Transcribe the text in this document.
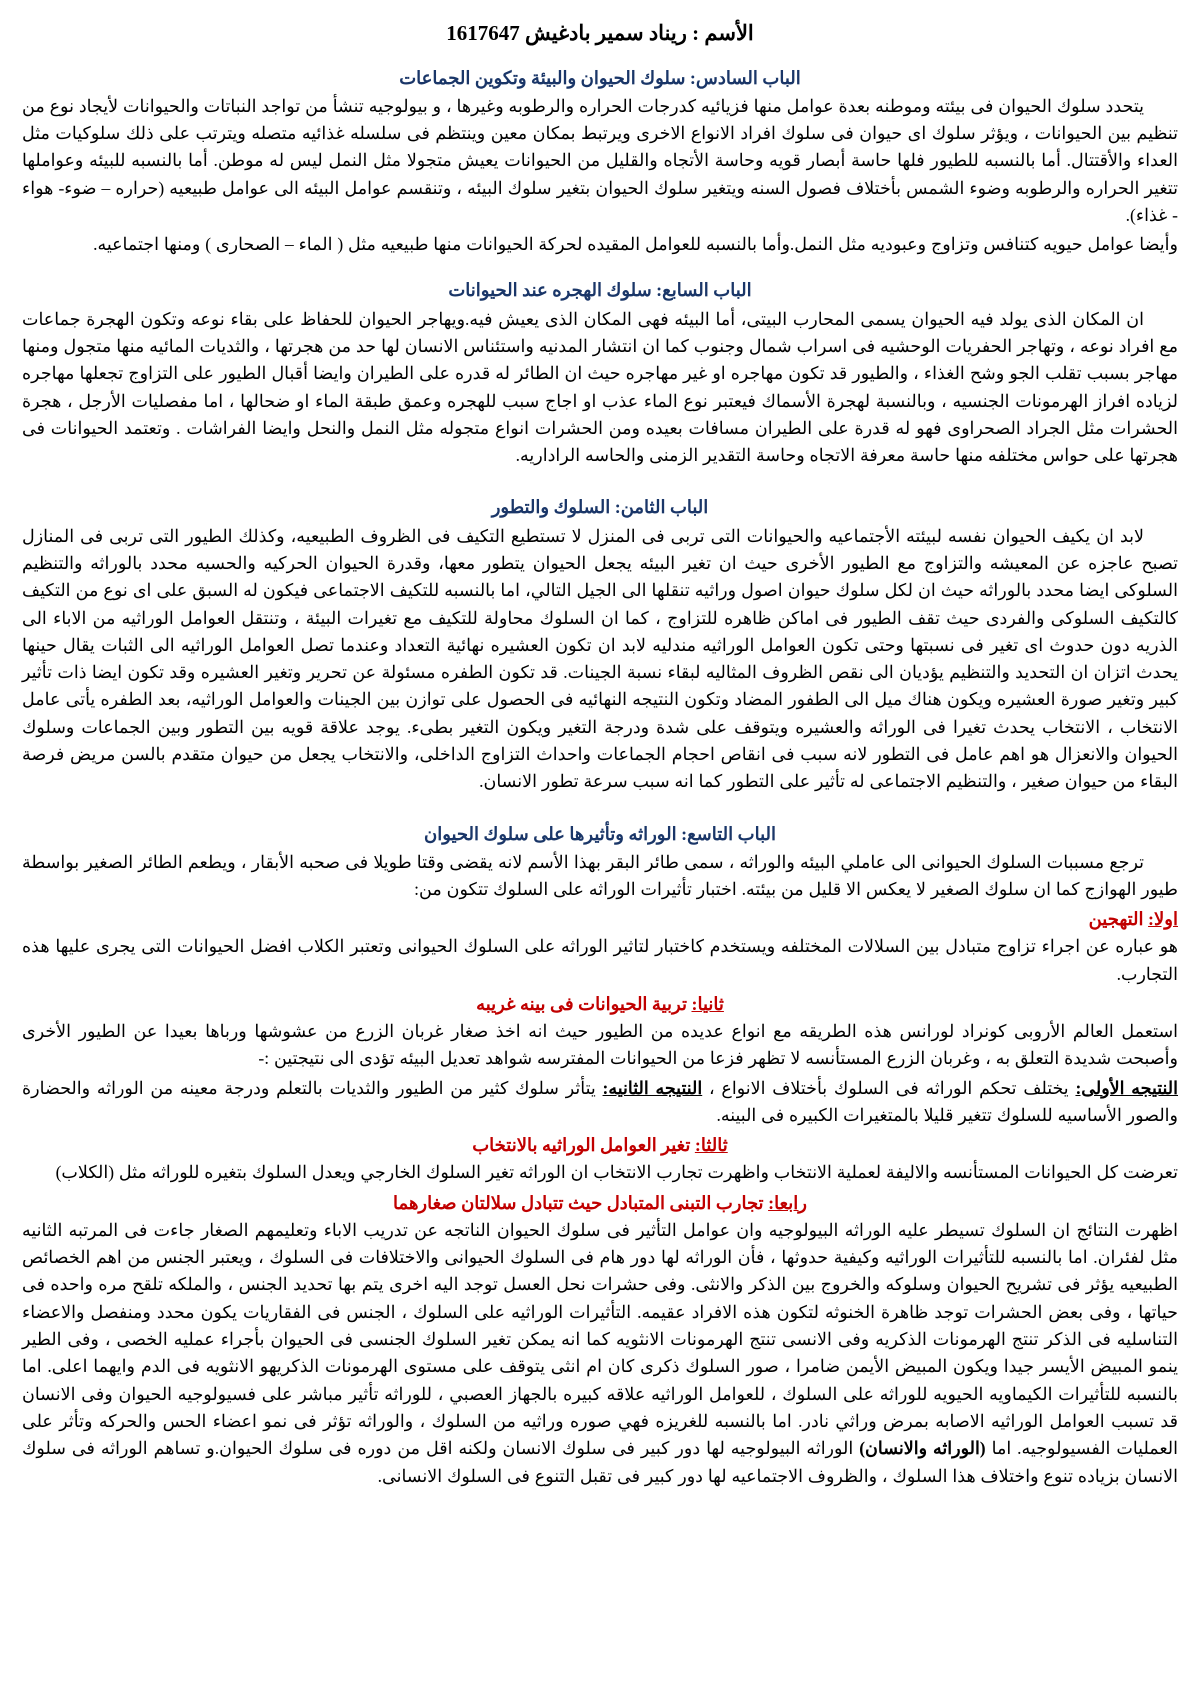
الأسم : ريناد سمير بادغيش 1617647
الباب السادس: سلوك الحيوان والبيئة وتكوين الجماعات

يتحدد سلوك الحيوان فى بيئته وموطنه بعدة عوامل منها فزيائيه كدرجات الحراره والرطوبه وغيرها ، و بيولوجيه تنشأ من تواجد النباتات والحيوانات لأيجاد نوع من تنظيم بين الحيوانات ، ويؤثر سلوك اى حيوان فى سلوك افراد الانواع الاخرى ويرتبط بمكان معين وينتظم فى سلسله غذائيه متصله ويترتب على ذلك سلوكيات مثل العداء والأقتتال. أما بالنسبه للطيور فلها حاسة أبصار قويه وحاسة الأتجاه والقليل من الحيوانات يعيش متجولا مثل النمل ليس له موطن. أما بالنسبه للبيئه وعواملها تتغير الحراره والرطوبه وضوء الشمس بأختلاف فصول السنه ويتغير سلوك الحيوان بتغير سلوك البيئه ، وتنقسم عوامل البيئه الى عوامل طبيعيه (حراره – ضوء- هواء - غذاء).

وأيضا عوامل حيويه كتنافس وتزاوج وعبوديه مثل النمل.وأما بالنسبه للعوامل المقيده لحركة الحيوانات منها طبيعيه مثل ( الماء – الصحارى ) ومنها اجتماعيه.

الباب السابع: سلوك الهجره عند الحيوانات

ان المكان الذى يولد فيه الحيوان يسمى المحارب البيتى، أما البيئه فهى المكان الذى يعيش فيه.ويهاجر الحيوان للحفاظ على بقاء نوعه وتكون الهجرة جماعات مع افراد نوعه ، وتهاجر الحفريات الوحشيه فى اسراب شمال وجنوب كما ان انتشار المدنيه واستئناس الانسان لها حد من هجرتها ، والثديات المائيه منها متجول ومنها مهاجر بسبب تقلب الجو وشح الغذاء ، والطيور قد تكون مهاجره او غير مهاجره حيث ان الطائر له قدره على الطيران وايضا أقبال الطيور على التزاوج تجعلها مهاجره لزياده افراز الهرمونات الجنسيه ، وبالنسبة لهجرة الأسماك فيعتبر نوع الماء عذب او اجاج سبب للهجره وعمق طبقة الماء او ضحالها ، اما مفصليات الأرجل ، هجرة الحشرات مثل الجراد الصحراوى فهو له قدرة على الطيران مسافات بعيده ومن الحشرات انواع متجوله مثل النمل والنحل وايضا الفراشات . وتعتمد الحيوانات فى هجرتها على حواس مختلفه منها حاسة معرفة الاتجاه وحاسة التقدير الزمنى والحاسه الراداريه.

الباب الثامن: السلوك والتطور

لابد ان يكيف الحيوان نفسه لبيئته الأجتماعيه والحيوانات التى تربى فى المنزل لا تستطيع التكيف فى الظروف الطبيعيه، وكذلك الطيور التى تربى فى المنازل تصبح عاجزه عن المعيشه والتزاوج مع الطيور الأخرى حيث ان تغير البيئه يجعل الحيوان يتطور معها، وقدرة الحيوان الحركيه والحسيه محدد بالوراثه والتنظيم السلوكى ايضا محدد بالوراثه حيث ان لكل سلوك حيوان اصول وراثيه تنقلها الى الجيل التالي، اما بالنسبه للتكيف الاجتماعى فيكون له السبق على اى نوع من التكيف كالتكيف السلوكى والفردى حيث تقف الطيور فى اماكن ظاهره للتزاوج ، كما ان السلوك محاولة للتكيف مع تغيرات البيئة ، وتنتقل العوامل الوراثيه من الاباء الى الذريه دون حدوث اى تغير فى نسبتها وحتى تكون العوامل الوراثيه مندليه لابد ان تكون العشيره نهائية التعداد وعندما تصل العوامل الوراثيه الى الثبات يقال حينها يحدث اتزان ان التحديد والتنظيم يؤديان الى نقص الظروف المثاليه لبقاء نسبة الجينات. قد تكون الطفره مسئولة عن تحرير وتغير العشيره وقد تكون ايضا ذات تأثير كبير وتغير صورة العشيره ويكون هناك ميل الى الطفور المضاد وتكون النتيجه النهائيه فى الحصول على توازن بين الجينات والعوامل الوراثيه، بعد الطفره يأتى عامل الانتخاب ، الانتخاب يحدث تغيرا فى الوراثه والعشيره ويتوقف على شدة ودرجة التغير ويكون التغير بطىء. يوجد علاقة قويه بين التطور وبين الجماعات وسلوك الحيوان والانعزال هو اهم عامل فى التطور لانه سبب فى انقاص احجام الجماعات واحداث التزاوج الداخلى، والانتخاب يجعل من حيوان متقدم بالسن مريض فرصة البقاء من حيوان صغير ، والتنظيم الاجتماعى له تأثير على التطور كما انه سبب سرعة تطور الانسان.

الباب التاسع: الوراثه وتأثيرها على سلوك الحيوان

ترجع مسببات السلوك الحيوانى الى عاملي البيئه والوراثه ، سمى طائر البقر بهذا الأسم لانه يقضى وقتا طويلا فى صحبه الأبقار ، ويطعم الطائر الصغير بواسطة طيور الهوازج كما ان سلوك الصغير لا يعكس الا قليل من بيئته. اختبار تأثيرات الوراثه على السلوك تتكون من:

اولا: التهجين

هو عباره عن اجراء تزاوج متبادل بين السلالات المختلفه ويستخدم كاختبار لتاثير الوراثه على السلوك الحيوانى وتعتبر الكلاب افضل الحيوانات التى يجرى عليها هذه التجارب.

ثانيا: تربية الحيوانات فى بينه غريبه

استعمل العالم الأروبى كونراد لورانس هذه الطريقه مع انواع عديده من الطيور حيث انه اخذ صغار غربان الزرع من عشوشها ورباها بعيدا عن الطيور الأخرى وأصبحت شديدة التعلق به ، وغربان الزرع المستأنسه لا تظهر فزعا من الحيوانات المفترسه شواهد تعديل البيئه تؤدى الى نتيجتين :-

النتيجه الأولى: يختلف تحكم الوراثه فى السلوك بأختلاف الانواع ، النتيجه الثانيه: يتأثر سلوك كثير من الطيور والثديات بالتعلم ودرجة معينه من الوراثه والحضارة والصور الأساسيه للسلوك تتغير قليلا بالمتغيرات الكبيره فى البينه.

ثالثا: تغير العوامل الوراثيه بالانتخاب

تعرضت كل الحيوانات المستأنسه والاليفة لعملية الانتخاب واظهرت تجارب الانتخاب ان الوراثه تغير السلوك الخارجي ويعدل السلوك بتغيره للوراثه مثل (الكلاب)

رابعا: تجارب التبنى المتبادل حيث تتبادل سلالتان صغارهما

اظهرت النتائج ان السلوك تسيطر عليه الوراثه البيولوجيه وان عوامل التأثير فى سلوك الحيوان الناتجه عن تدريب الاباء وتعليمهم الصغار جاءت فى المرتبه الثانيه مثل لفئران. اما بالنسبه للتأثيرات الوراثيه وكيفية حدوثها ، فأن الوراثه لها دور هام فى السلوك الحيوانى والاختلافات فى السلوك ، ويعتبر الجنس من اهم الخصائص الطبيعيه يؤثر فى تشريح الحيوان وسلوكه والخروج بين الذكر والانثى. وفى حشرات نحل العسل توجد اليه اخرى يتم بها تحديد الجنس ، والملكه تلقح مره واحده فى حياتها ، وفى بعض الحشرات توجد ظاهرة الخنوثه لتكون هذه الافراد عقيمه. التأثيرات الوراثيه على السلوك ، الجنس فى الفقاريات يكون محدد ومنفصل والاعضاء التناسليه فى الذكر تنتج الهرمونات الذكريه وفى الانسى تنتج الهرمونات الانثويه كما انه يمكن تغير السلوك الجنسى فى الحيوان بأجراء عمليه الخصى ، وفى الطير ينمو المبيض الأيسر جيدا ويكون المبيض الأيمن ضامرا ، صور السلوك ذكرى كان ام انثى يتوقف على مستوى الهرمونات الذكريهو الانثويه فى الدم وايهما اعلى. اما بالنسبه للتأثيرات الكيماويه الحيويه للوراثه على السلوك ، للعوامل الوراثيه علاقه كبيره بالجهاز العصبي ، للوراثه تأثير مباشر على فسيولوجيه الحيوان وفى الانسان قد تسبب العوامل الوراثيه الاصابه بمرض وراثي نادر. اما بالنسبه للغريزه فهي صوره وراثيه من السلوك ، والوراثه تؤثر فى نمو اعضاء الحس والحركه وتأثر على العمليات الفسيولوجيه. اما (الوراثه والانسان) الوراثه البيولوجيه لها دور كبير فى سلوك الانسان ولكنه اقل من دوره فى سلوك الحيوان.و تساهم الوراثه فى سلوك الانسان بزياده تنوع واختلاف هذا السلوك ، والظروف الاجتماعيه لها دور كبير فى تقبل التنوع فى السلوك الانسانى.
